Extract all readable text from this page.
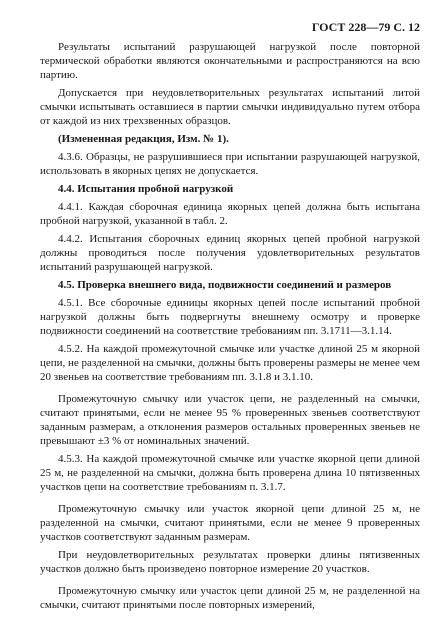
ГОСТ 228—79 С. 12

Результаты испытаний разрушающей нагрузкой после повторной термической обработки являются окончательными и распространяются на всю партию.

Допускается при неудовлетворительных результатах испытаний литой смычки испытывать оставшиеся в партии смычки индивидуально путем отбора от каждой из них трехзвенных образцов.

(Измененная редакция, Изм. № 1).

4.3.6. Образцы, не разрушившиеся при испытании разрушающей нагрузкой, использовать в якорных цепях не допускается.

4.4. Испытания пробной нагрузкой

4.4.1. Каждая сборочная единица якорных цепей должна быть испытана пробной нагрузкой, указанной в табл. 2.

4.4.2. Испытания сборочных единиц якорных цепей пробной нагрузкой должны проводиться после получения удовлетворительных результатов испытаний разрушающей нагрузкой.

4.5. Проверка внешнего вида, подвижности соединений и размеров

4.5.1. Все сборочные единицы якорных цепей после испытаний пробной нагрузкой должны быть подвергнуты внешнему осмотру и проверке подвижности соединений на соответствие требованиям пп. 3.1711—3.1.14.

4.5.2. На каждой промежуточной смычке или участке длиной 25 м якорной цепи, не разделенной на смычки, должны быть проверены размеры не менее чем 20 звеньев на соответствие требованиям пп. 3.1.8 и 3.1.10.

Промежуточную смычку или участок цепи, не разделенный на смычки, считают принятыми, если не менее 95 % проверенных звеньев соответствуют заданным размерам, а отклонения размеров остальных проверенных звеньев не превышают ±3 % от номинальных значений.

4.5.3. На каждой промежуточной смычке или участке якорной цепи длиной 25 м, не разделенной на смычки, должна быть проверена длина 10 пятизвенных участков цепи на соответствие требованиям п. 3.1.7.

Промежуточную смычку или участок якорной цепи длиной 25 м, не разделенной на смычки, считают принятыми, если не менее 9 проверенных участков соответствуют заданным размерам.

При неудовлетворительных результатах проверки длины пятизвенных участков должно быть произведено повторное измерение 20 участков.

Промежуточную смычку или участок цепи длиной 25 м, не разделенной на смычки, считают принятыми после повторных измерений,
